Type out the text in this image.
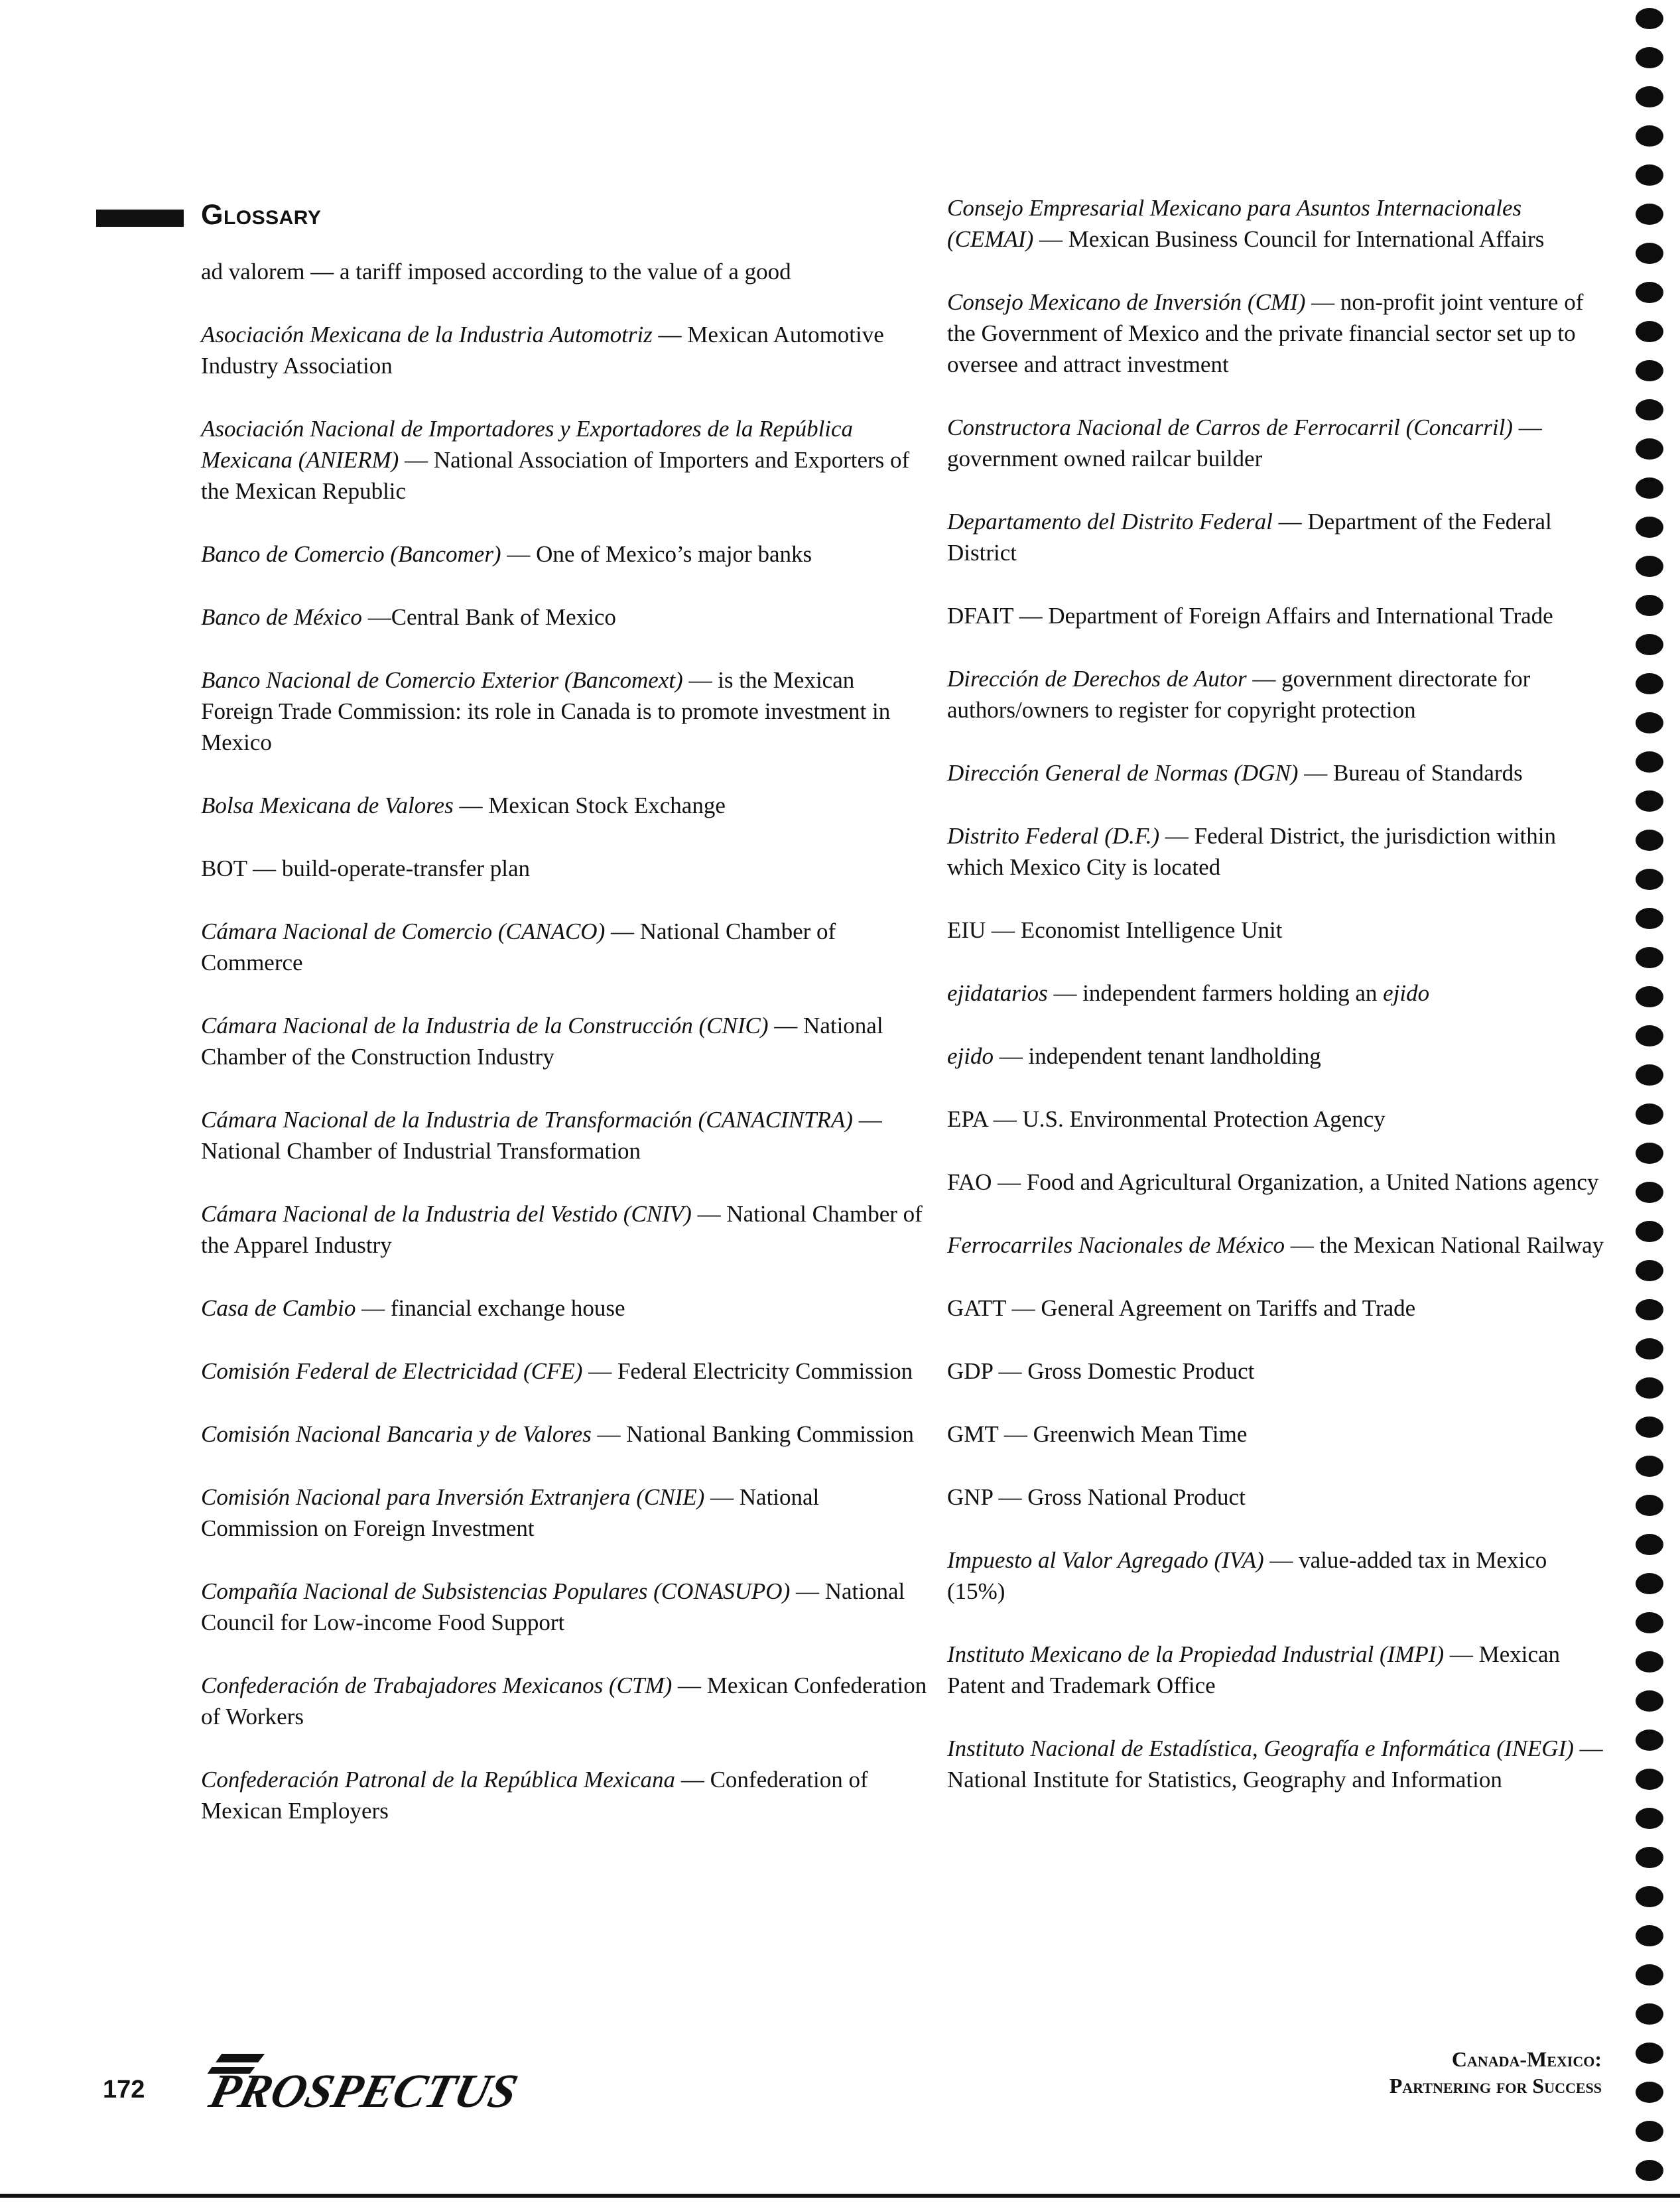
Glossary

ad valorem — a tariff imposed according to the value of a good

Asociación Mexicana de la Industria Automotriz — Mexican Automotive Industry Association

Asociación Nacional de Importadores y Exportadores de la República Mexicana (ANIERM) — National Association of Importers and Exporters of the Mexican Republic

Banco de Comercio (Bancomer) — One of Mexico’s major banks

Banco de México —Central Bank of Mexico

Banco Nacional de Comercio Exterior (Bancomext) — is the Mexican Foreign Trade Commission: its role in Canada is to promote investment in Mexico

Bolsa Mexicana de Valores — Mexican Stock Exchange

BOT — build-operate-transfer plan

Cámara Nacional de Comercio (CANACO) — National Chamber of Commerce

Cámara Nacional de la Industria de la Construcción (CNIC) — National Chamber of the Construction Industry

Cámara Nacional de la Industria de Transformación (CANACINTRA) — National Chamber of Industrial Transformation

Cámara Nacional de la Industria del Vestido (CNIV) — National Chamber of the Apparel Industry

Casa de Cambio — financial exchange house

Comisión Federal de Electricidad (CFE) — Federal Electricity Commission

Comisión Nacional Bancaria y de Valores — National Banking Commission

Comisión Nacional para Inversión Extranjera (CNIE) — National Commission on Foreign Investment

Compañía Nacional de Subsistencias Populares (CONASUPO) — National Council for Low-income Food Support

Confederación de Trabajadores Mexicanos (CTM) — Mexican Confederation of Workers

Confederación Patronal de la República Mexicana — Confederation of Mexican Employers

Consejo Empresarial Mexicano para Asuntos Internacionales (CEMAI) — Mexican Business Council for International Affairs

Consejo Mexicano de Inversión (CMI) — non-profit joint venture of the Government of Mexico and the private financial sector set up to oversee and attract investment

Constructora Nacional de Carros de Ferrocarril (Concarril) — government owned railcar builder

Departamento del Distrito Federal — Department of the Federal District

DFAIT — Department of Foreign Affairs and International Trade

Dirección de Derechos de Autor — government directorate for authors/owners to register for copyright protection

Dirección General de Normas (DGN) — Bureau of Standards

Distrito Federal (D.F.) — Federal District, the jurisdiction within which Mexico City is located

EIU — Economist Intelligence Unit

ejidatarios — independent farmers holding an ejido

ejido — independent tenant landholding

EPA — U.S. Environmental Protection Agency

FAO — Food and Agricultural Organization, a United Nations agency

Ferrocarriles Nacionales de México — the Mexican National Railway

GATT — General Agreement on Tariffs and Trade

GDP — Gross Domestic Product

GMT — Greenwich Mean Time

GNP — Gross National Product

Impuesto al Valor Agregado (IVA) — value-added tax in Mexico (15%)

Instituto Mexicano de la Propiedad Industrial (IMPI) — Mexican Patent and Trademark Office

Instituto Nacional de Estadística, Geografía e Informática (INEGI) — National Institute for Statistics, Geography and Information

172 PROSPECTUS
Canada-Mexico:
Partnering for Success
